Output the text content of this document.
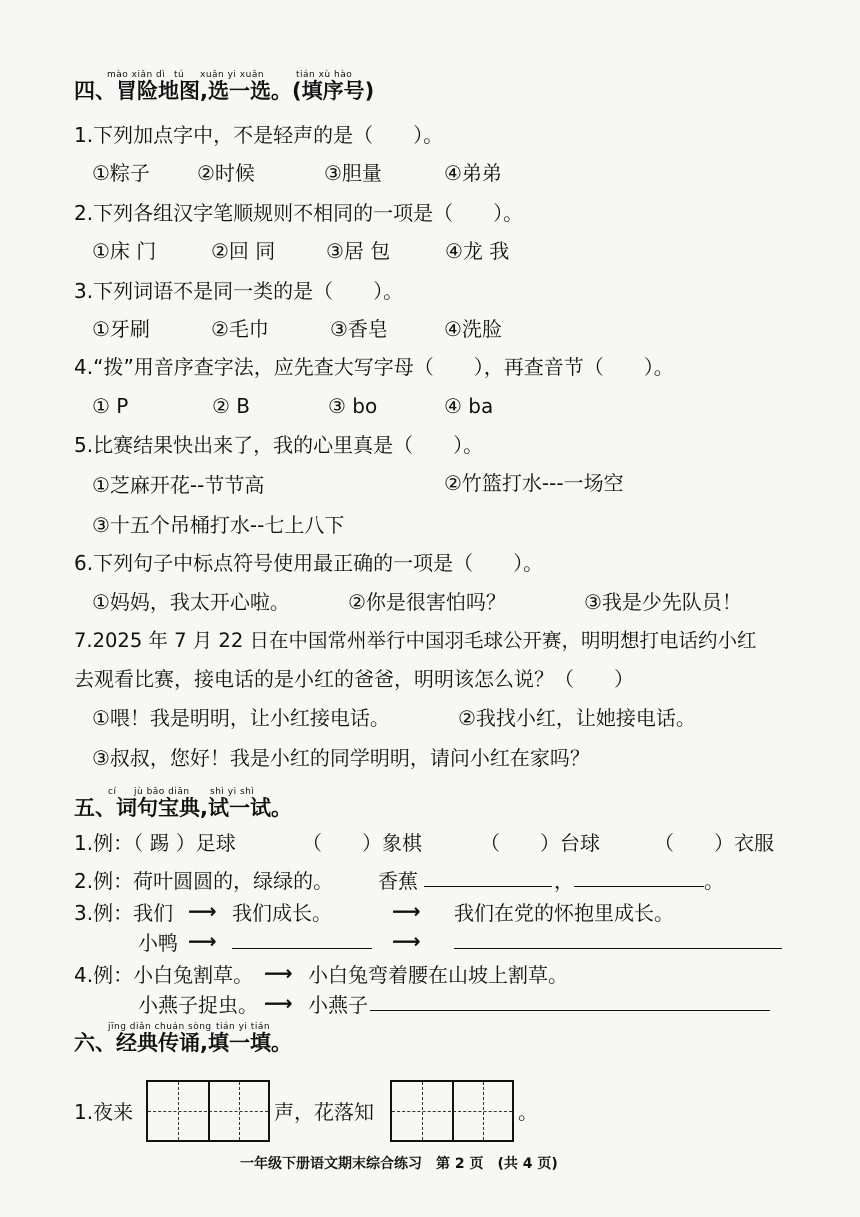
mào xiǎn dì tú xuǎn yi xuǎn	tián xù hào
四、冒险地图,选一选。(填序号)
1.下列加点字中，不是轻声的是（　　）。
①粽子 ②时候	③胆量	④弟弟
2.下列各组汉字笔顺规则不相同的一项是（　　）。
①床 门	②回 同	③居 包	④龙 我
3.下列词语不是同一类的是（　　）。
①牙刷	②毛巾	③香皂	④洗脸
4.“拨”用音序查字法，应先查大写字母（　　），再查音节（　　）。
① P	② B	③ bo	④ ba
5.比赛结果快出来了，我的心里真是（　　）。
①芝麻开花--节节高	②竹篮打水---一场空
③十五个吊桶打水--七上八下
6.下列句子中标点符号使用最正确的一项是（　　）。
①妈妈，我太开心啦。	②你是很害怕吗？	③我是少先队员！
7.2025 年 7 月 22 日在中国常州举行中国羽毛球公开赛，明明想打电话约小红
去观看比赛，接电话的是小红的爸爸，明明该怎么说？（　　）
①喂！我是明明，让小红接电话。	②我找小红，让她接电话。
③叔叔，您好！我是小红的同学明明，请问小红在家吗？
cí jù bǎo diǎn shì yi shì
五、词句宝典,试一试。
1.例：（ 踢 ）足球	（　　）象棋	（　　）台球	（　　）衣服
2.例：荷叶圆圆的，绿绿的。 香蕉	，	。
3.例：我们 ⟶ 我们成长。	⟶ 我们在党的怀抱里成长。
小鸭 ⟶	⟶
4.例：小白兔割草。 ⟶ 小白兔弯着腰在山坡上割草。
小燕子捉虫。 ⟶ 小燕子
jīng diǎn chuán sòng tián yi tián
六、经典传诵,填一填。
1.夜来	声，花落知	。
一年级下册语文期末综合练习　第 2 页　(共 4 页)
